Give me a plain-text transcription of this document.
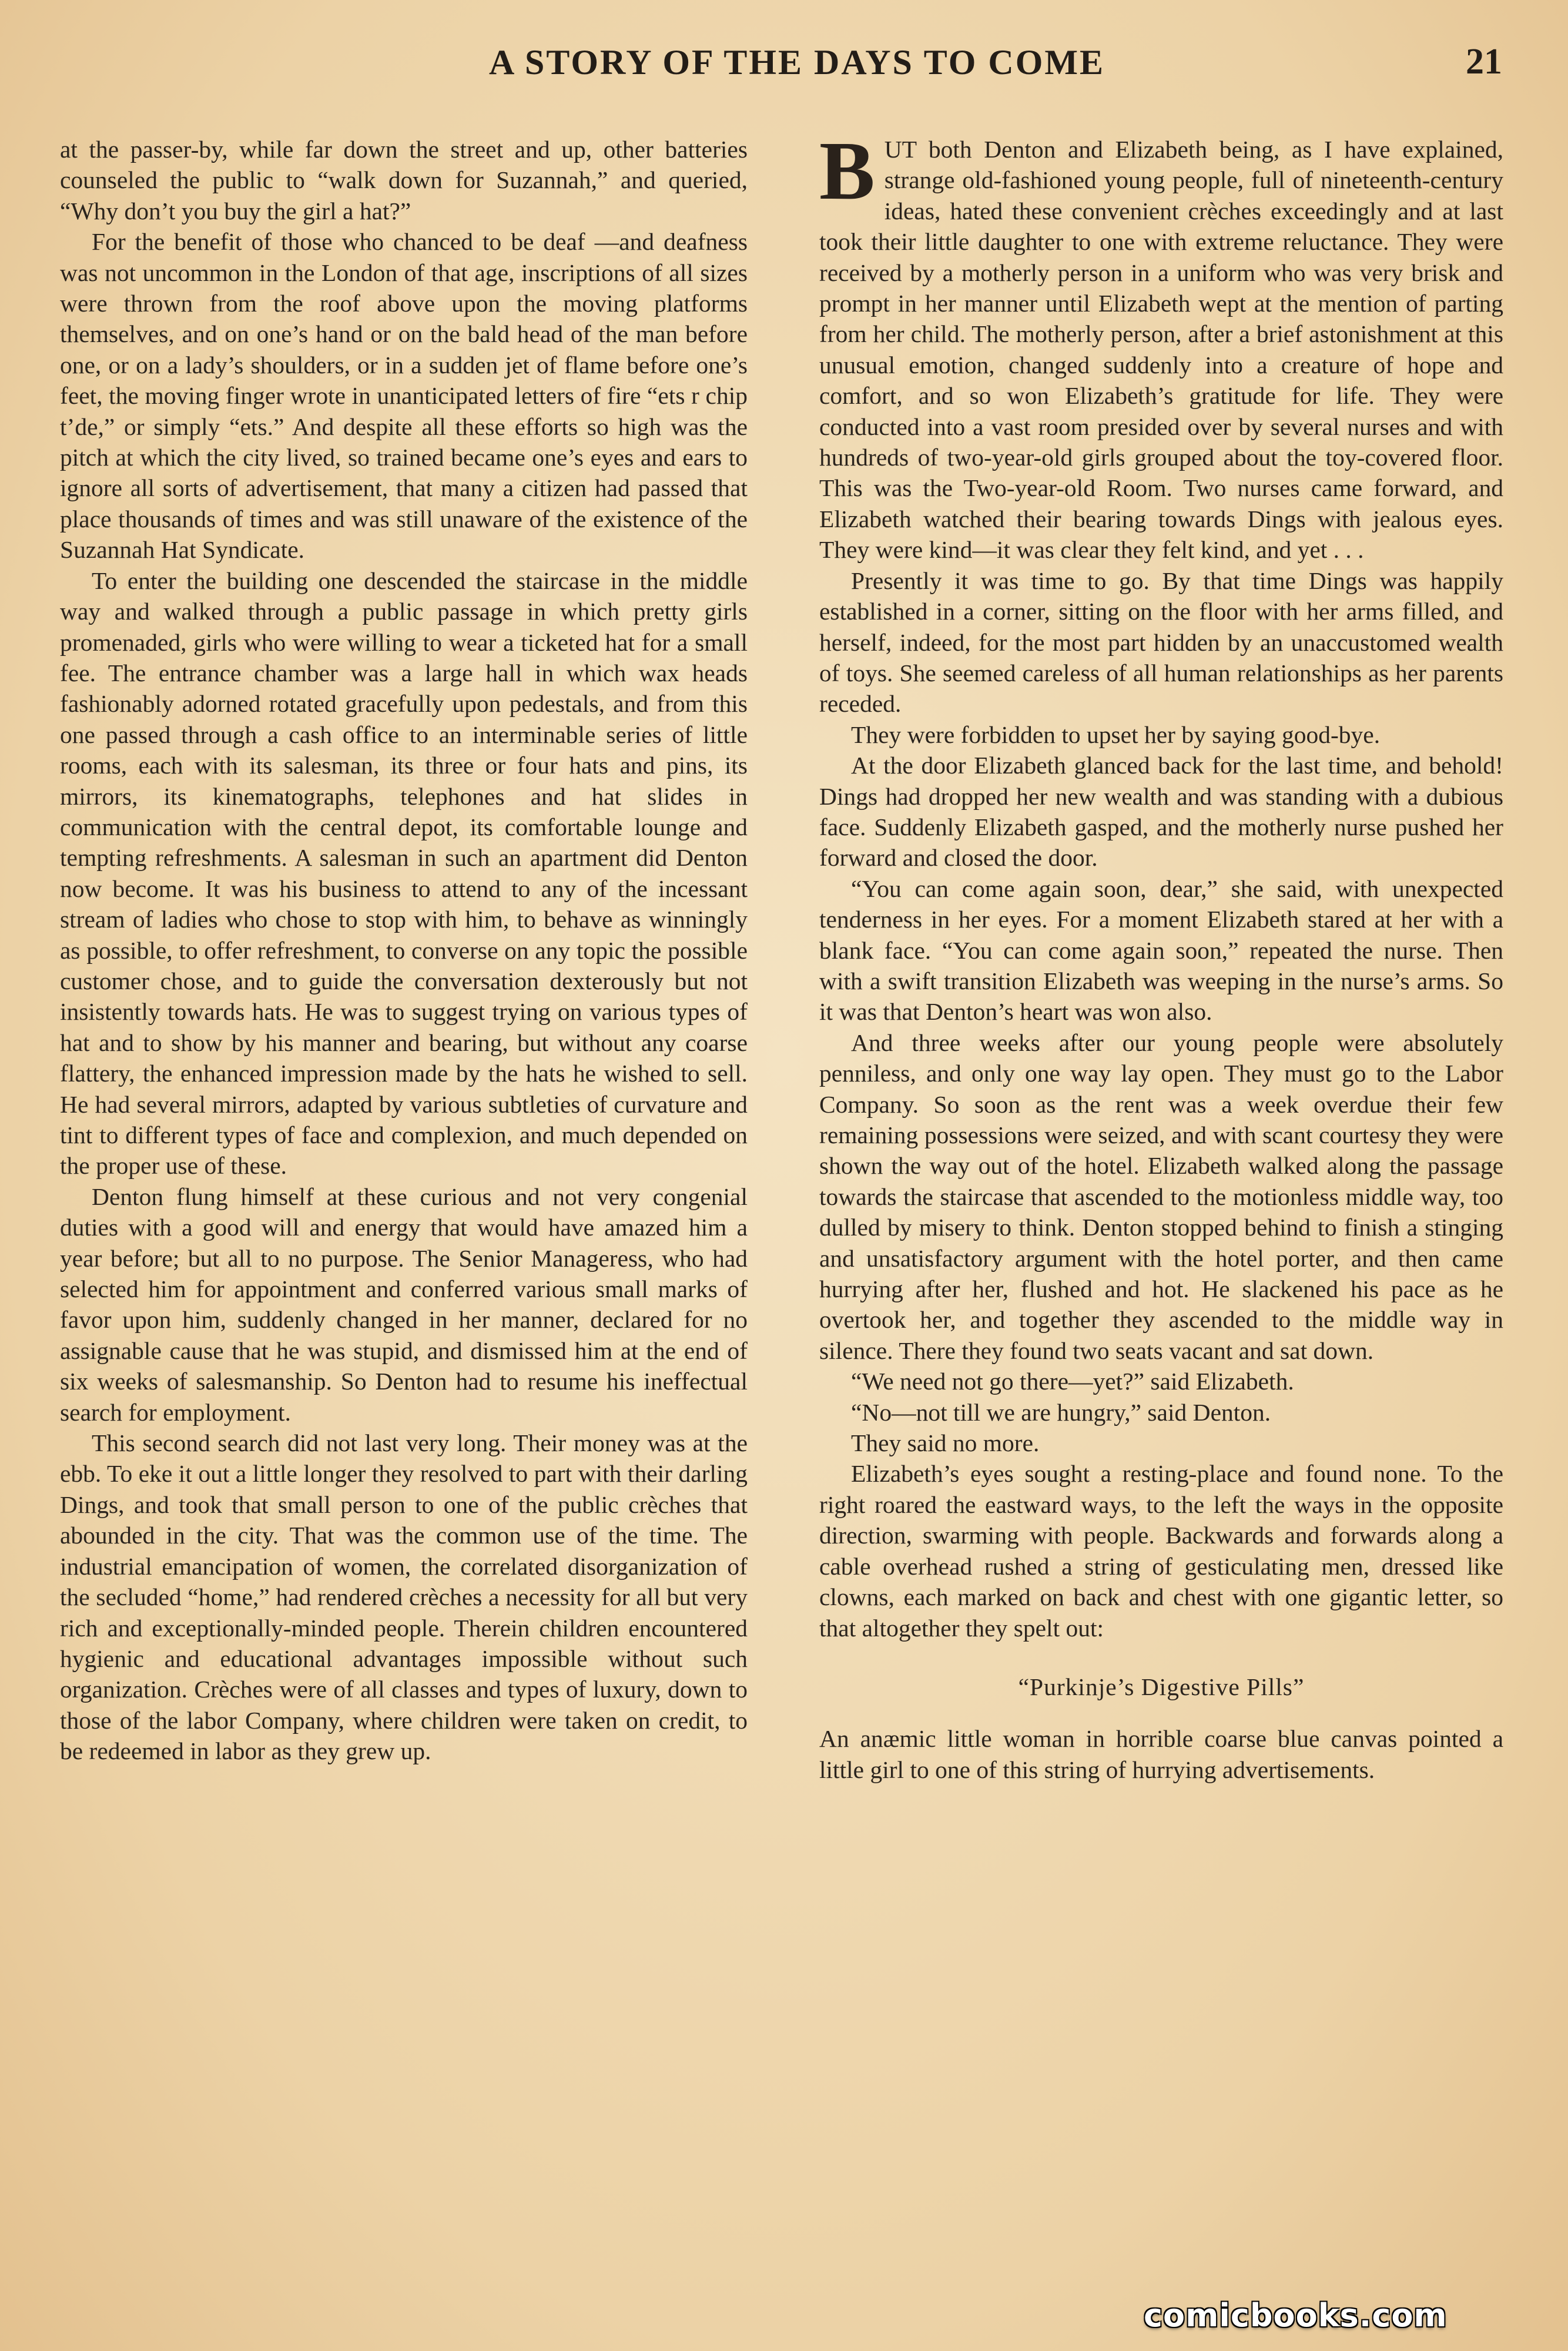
A STORY OF THE DAYS TO COME	21

at the passer-by, while far down the street and up, other batteries counseled the public to “walk down for Suzannah,” and queried, “Why don’t you buy the girl a hat?”

For the benefit of those who chanced to be deaf —and deafness was not uncommon in the London of that age, inscriptions of all sizes were thrown from the roof above upon the moving platforms themselves, and on one’s hand or on the bald head of the man before one, or on a lady’s shoulders, or in a sudden jet of flame before one’s feet, the moving finger wrote in unanticipated letters of fire “ets r chip t’de,” or simply “ets.” And despite all these efforts so high was the pitch at which the city lived, so trained became one’s eyes and ears to ignore all sorts of advertisement, that many a citizen had passed that place thousands of times and was still unaware of the existence of the Suzannah Hat Syndicate.

To enter the building one descended the staircase in the middle way and walked through a public passage in which pretty girls promenaded, girls who were willing to wear a ticketed hat for a small fee. The entrance chamber was a large hall in which wax heads fashionably adorned rotated gracefully upon pedestals, and from this one passed through a cash office to an interminable series of little rooms, each with its salesman, its three or four hats and pins, its mirrors, its kinematographs, telephones and hat slides in communication with the central depot, its comfortable lounge and tempting refreshments. A salesman in such an apartment did Denton now become. It was his business to attend to any of the incessant stream of ladies who chose to stop with him, to behave as winningly as possible, to offer refreshment, to converse on any topic the possible customer chose, and to guide the conversation dexterously but not insistently towards hats. He was to suggest trying on various types of hat and to show by his manner and bearing, but without any coarse flattery, the enhanced impression made by the hats he wished to sell. He had several mirrors, adapted by various subtleties of curvature and tint to different types of face and complexion, and much depended on the proper use of these.

Denton flung himself at these curious and not very congenial duties with a good will and energy that would have amazed him a year before; but all to no purpose. The Senior Manageress, who had selected him for appointment and conferred various small marks of favor upon him, suddenly changed in her manner, declared for no assignable cause that he was stupid, and dismissed him at the end of six weeks of salesmanship. So Denton had to resume his ineffectual search for employment.

This second search did not last very long. Their money was at the ebb. To eke it out a little longer they resolved to part with their darling Dings, and took that small person to one of the public crèches that abounded in the city. That was the common use of the time. The industrial emancipation of women, the correlated disorganization of the secluded “home,” had rendered crèches a necessity for all but very rich and exceptionally-minded people. Therein children encountered hygienic and educational advantages impossible without such organization. Crèches were of all classes and types of luxury, down to those of the labor Company, where children were taken on credit, to be redeemed in labor as they grew up.

BUT both Denton and Elizabeth being, as I have explained, strange old-fashioned young people, full of nineteenth-century ideas, hated these convenient crèches exceedingly and at last took their little daughter to one with extreme reluctance. They were received by a motherly person in a uniform who was very brisk and prompt in her manner until Elizabeth wept at the mention of parting from her child. The motherly person, after a brief astonishment at this unusual emotion, changed suddenly into a creature of hope and comfort, and so won Elizabeth’s gratitude for life. They were conducted into a vast room presided over by several nurses and with hundreds of two-year-old girls grouped about the toy-covered floor. This was the Two-year-old Room. Two nurses came forward, and Elizabeth watched their bearing towards Dings with jealous eyes. They were kind—it was clear they felt kind, and yet . . .

Presently it was time to go. By that time Dings was happily established in a corner, sitting on the floor with her arms filled, and herself, indeed, for the most part hidden by an unaccustomed wealth of toys. She seemed careless of all human relationships as her parents receded.

They were forbidden to upset her by saying good-bye.

At the door Elizabeth glanced back for the last time, and behold! Dings had dropped her new wealth and was standing with a dubious face. Suddenly Elizabeth gasped, and the motherly nurse pushed her forward and closed the door.

“You can come again soon, dear,” she said, with unexpected tenderness in her eyes. For a moment Elizabeth stared at her with a blank face. “You can come again soon,” repeated the nurse. Then with a swift transition Elizabeth was weeping in the nurse’s arms. So it was that Denton’s heart was won also.

And three weeks after our young people were absolutely penniless, and only one way lay open. They must go to the Labor Company. So soon as the rent was a week overdue their few remaining possessions were seized, and with scant courtesy they were shown the way out of the hotel. Elizabeth walked along the passage towards the staircase that ascended to the motionless middle way, too dulled by misery to think. Denton stopped behind to finish a stinging and unsatisfactory argument with the hotel porter, and then came hurrying after her, flushed and hot. He slackened his pace as he overtook her, and together they ascended to the middle way in silence. There they found two seats vacant and sat down.

“We need not go there—yet?” said Elizabeth.

“No—not till we are hungry,” said Denton.

They said no more.

Elizabeth’s eyes sought a resting-place and found none. To the right roared the eastward ways, to the left the ways in the opposite direction, swarming with people. Backwards and forwards along a cable overhead rushed a string of gesticulating men, dressed like clowns, each marked on back and chest with one gigantic letter, so that altogether they spelt out:

“Purkinje’s Digestive Pills”

An anæmic little woman in horrible coarse blue canvas pointed a little girl to one of this string of hurrying advertisements.

comicbooks.com
